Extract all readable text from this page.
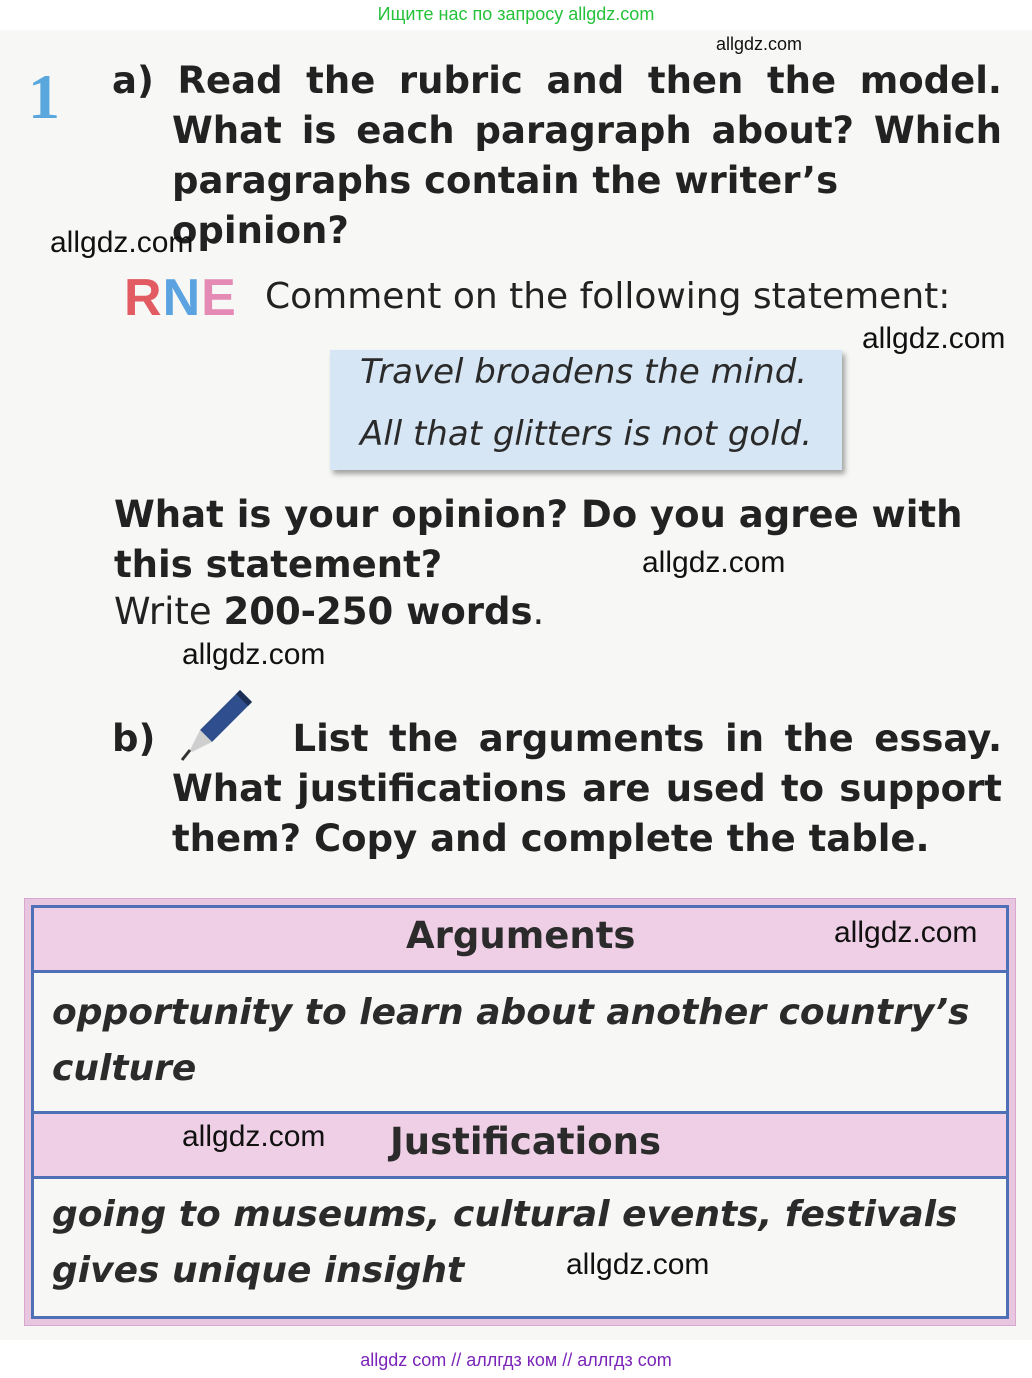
Ищите нас по запросу allgdz.com
allgdz.com
1 a) Read the rubric and then the model.
What is each paragraph about? Which
paragraphs contain the writer’s opinion?
allgdz.com
RNE Comment on the following statement:
allgdz.com
Travel broadens the mind.
All that glitters is not gold.
What is your opinion? Do you agree with
this statement?	allgdz.com
Write 200-250 words.
allgdz.com
b)	List the arguments in the essay.
What justifications are used to support
them? Copy and complete the table.
Arguments
opportunity to learn about another country’s
culture
Justifications
going to museums, cultural events, festivals
gives unique insight
allgdz.com
allgdz.com
allgdz.com
allgdz com // аллгдз ком // аллгдз com
